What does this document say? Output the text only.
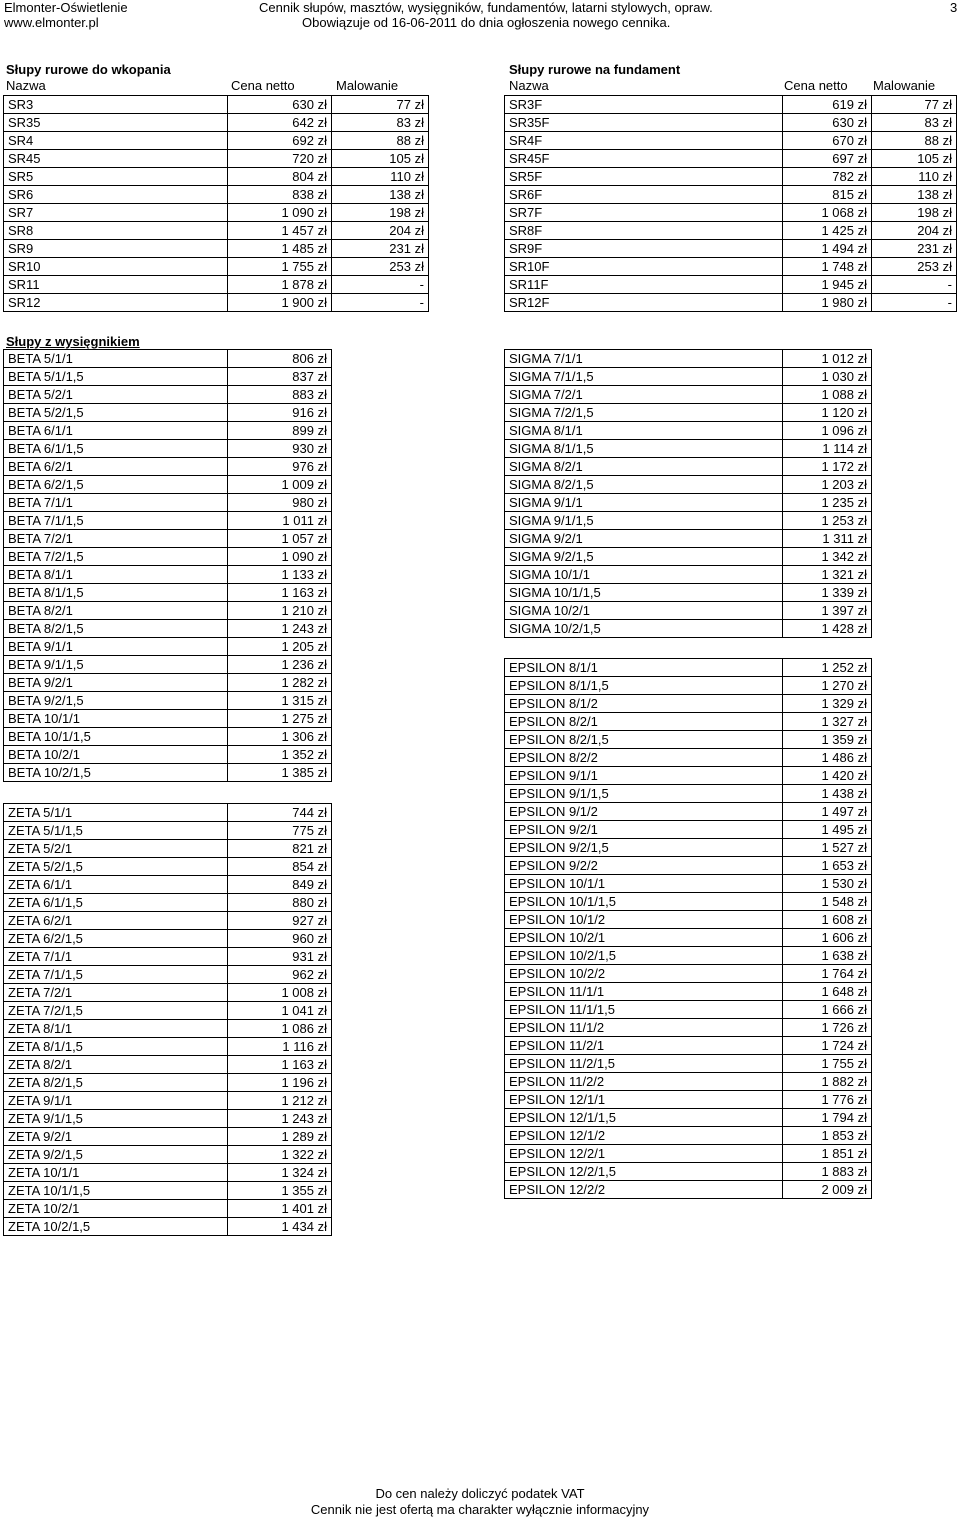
Elmonter-Oświetlenie
www.elmonter.pl
Cennik słupów, masztów, wysięgników, fundamentów, latarni stylowych, opraw.
Obowiązuje od 16-06-2011 do dnia ogłoszenia nowego cennika.
3
Słupy rurowe do wkopania	Słupy rurowe na fundament
Nazwa	Cena netto	Malowanie	Nazwa	Cena netto Malowanie
SR3	630 zł	77 zł
SR35	642 zł	83 zł
SR4	692 zł	88 zł
SR45	720 zł	105 zł
SR5	804 zł	110 zł
SR6	838 zł	138 zł
SR7	1 090 zł	198 zł
SR8	1 457 zł	204 zł
SR9	1 485 zł	231 zł
SR10	1 755 zł	253 zł
SR11	1 878 zł	-
SR12	1 900 zł	-
SR3F	619 zł	77 zł
SR35F	630 zł	83 zł
SR4F	670 zł	88 zł
SR45F	697 zł	105 zł
SR5F	782 zł	110 zł
SR6F	815 zł	138 zł
SR7F	1 068 zł	198 zł
SR8F	1 425 zł	204 zł
SR9F	1 494 zł	231 zł
SR10F	1 748 zł	253 zł
SR11F	1 945 zł	-
SR12F	1 980 zł	-
Słupy z wysięgnikiem
BETA 5/1/1	806 zł
BETA 5/1/1,5	837 zł
BETA 5/2/1	883 zł
BETA 5/2/1,5	916 zł
BETA 6/1/1	899 zł
BETA 6/1/1,5	930 zł
BETA 6/2/1	976 zł
BETA 6/2/1,5	1 009 zł
BETA 7/1/1	980 zł
BETA 7/1/1,5	1 011 zł
BETA 7/2/1	1 057 zł
BETA 7/2/1,5	1 090 zł
BETA 8/1/1	1 133 zł
BETA 8/1/1,5	1 163 zł
BETA 8/2/1	1 210 zł
BETA 8/2/1,5	1 243 zł
BETA 9/1/1	1 205 zł
BETA 9/1/1,5	1 236 zł
BETA 9/2/1	1 282 zł
BETA 9/2/1,5	1 315 zł
BETA 10/1/1	1 275 zł
BETA 10/1/1,5	1 306 zł
BETA 10/2/1	1 352 zł
BETA 10/2/1,5	1 385 zł
SIGMA 7/1/1	1 012 zł
SIGMA 7/1/1,5	1 030 zł
SIGMA 7/2/1	1 088 zł
SIGMA 7/2/1,5	1 120 zł
SIGMA 8/1/1	1 096 zł
SIGMA 8/1/1,5	1 114 zł
SIGMA 8/2/1	1 172 zł
SIGMA 8/2/1,5	1 203 zł
SIGMA 9/1/1	1 235 zł
SIGMA 9/1/1,5	1 253 zł
SIGMA 9/2/1	1 311 zł
SIGMA 9/2/1,5	1 342 zł
SIGMA 10/1/1	1 321 zł
SIGMA 10/1/1,5	1 339 zł
SIGMA 10/2/1	1 397 zł
SIGMA 10/2/1,5	1 428 zł
EPSILON 8/1/1	1 252 zł
EPSILON 8/1/1,5	1 270 zł
EPSILON 8/1/2	1 329 zł
EPSILON 8/2/1	1 327 zł
EPSILON 8/2/1,5	1 359 zł
EPSILON 8/2/2	1 486 zł
EPSILON 9/1/1	1 420 zł
EPSILON 9/1/1,5	1 438 zł
EPSILON 9/1/2	1 497 zł
EPSILON 9/2/1	1 495 zł
EPSILON 9/2/1,5	1 527 zł
EPSILON 9/2/2	1 653 zł
EPSILON 10/1/1	1 530 zł
EPSILON 10/1/1,5	1 548 zł
EPSILON 10/1/2	1 608 zł
EPSILON 10/2/1	1 606 zł
EPSILON 10/2/1,5	1 638 zł
EPSILON 10/2/2	1 764 zł
EPSILON 11/1/1	1 648 zł
EPSILON 11/1/1,5	1 666 zł
EPSILON 11/1/2	1 726 zł
EPSILON 11/2/1	1 724 zł
EPSILON 11/2/1,5	1 755 zł
EPSILON 11/2/2	1 882 zł
EPSILON 12/1/1	1 776 zł
EPSILON 12/1/1,5	1 794 zł
EPSILON 12/1/2	1 853 zł
EPSILON 12/2/1	1 851 zł
EPSILON 12/2/1,5	1 883 zł
EPSILON 12/2/2	2 009 zł
ZETA 5/1/1	744 zł
ZETA 5/1/1,5	775 zł
ZETA 5/2/1	821 zł
ZETA 5/2/1,5	854 zł
ZETA 6/1/1	849 zł
ZETA 6/1/1,5	880 zł
ZETA 6/2/1	927 zł
ZETA 6/2/1,5	960 zł
ZETA 7/1/1	931 zł
ZETA 7/1/1,5	962 zł
ZETA 7/2/1	1 008 zł
ZETA 7/2/1,5	1 041 zł
ZETA 8/1/1	1 086 zł
ZETA 8/1/1,5	1 116 zł
ZETA 8/2/1	1 163 zł
ZETA 8/2/1,5	1 196 zł
ZETA 9/1/1	1 212 zł
ZETA 9/1/1,5	1 243 zł
ZETA 9/2/1	1 289 zł
ZETA 9/2/1,5	1 322 zł
ZETA 10/1/1	1 324 zł
ZETA 10/1/1,5	1 355 zł
ZETA 10/2/1	1 401 zł
ZETA 10/2/1,5	1 434 zł
Do cen należy doliczyć podatek VAT
Cennik nie jest ofertą ma charakter wyłącznie informacyjny
